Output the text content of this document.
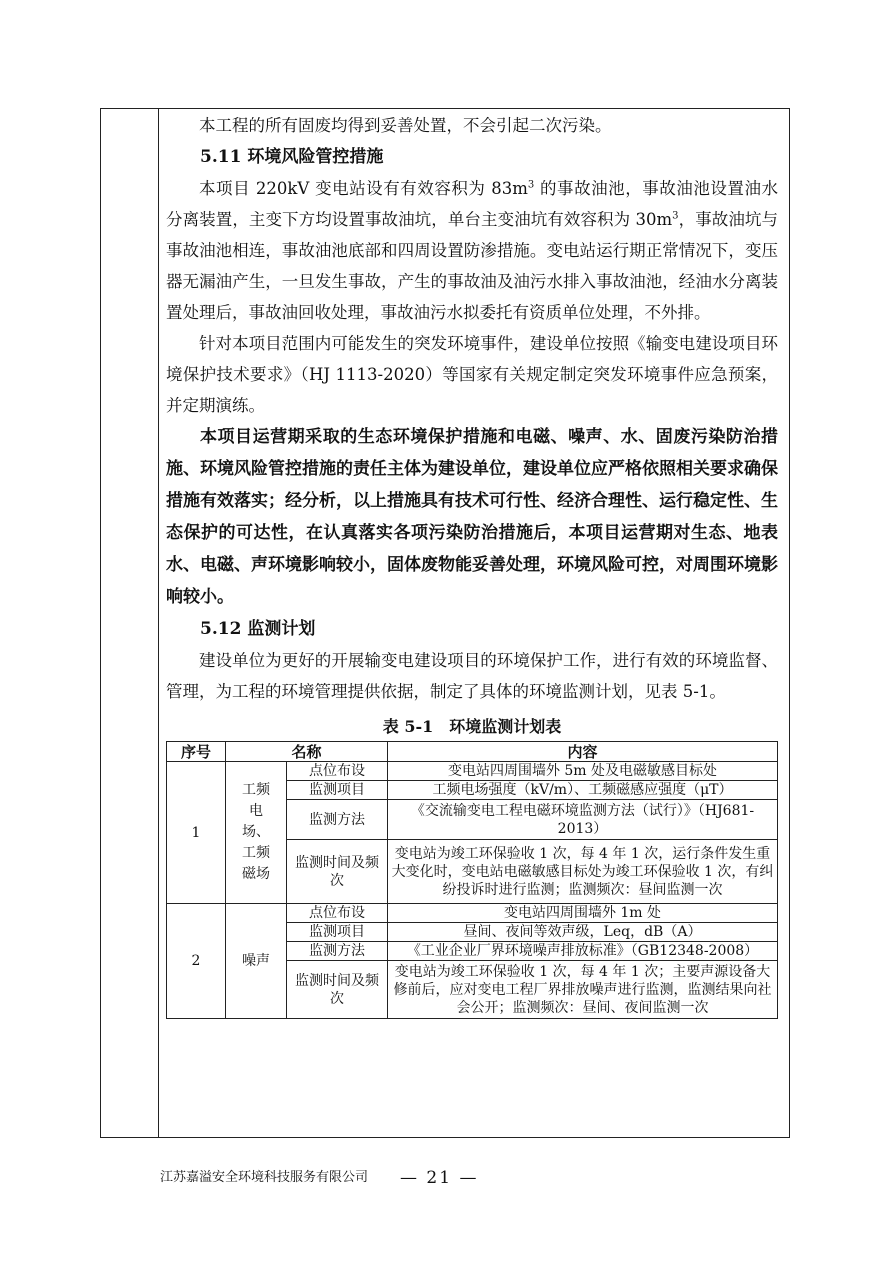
本工程的所有固废均得到妥善处置，不会引起二次污染。

5.11 环境风险管控措施

本项目 220kV 变电站设有有效容积为 $83m^3$ 的事故油池，事故油池设置油水分离装置，主变下方均设置事故油坑，单台主变油坑有效容积为 $30m^3$，事故油坑与事故油池相连，事故油池底部和四周设置防渗措施。变电站运行期正常情况下，变压器无漏油产生，一旦发生事故，产生的事故油及油污水排入事故油池，经油水分离装置处理后，事故油回收处理，事故油污水拟委托有资质单位处理，不外排。

针对本项目范围内可能发生的突发环境事件，建设单位按照《输变电建设项目环境保护技术要求》（HJ 1113-2020）等国家有关规定制定突发环境事件应急预案，并定期演练。

本项目运营期采取的生态环境保护措施和电磁、噪声、水、固废污染防治措施、环境风险管控措施的责任主体为建设单位，建设单位应严格依照相关要求确保措施有效落实；经分析，以上措施具有技术可行性、经济合理性、运行稳定性、生态保护的可达性，在认真落实各项污染防治措施后，本项目运营期对生态、地表水、电磁、声环境影响较小，固体废物能妥善处理，环境风险可控，对周围环境影响较小。

5.12 监测计划

建设单位为更好的开展输变电建设项目的环境保护工作，进行有效的环境监督、管理，为工程的环境管理提供依据，制定了具体的环境监测计划，见表 5-1。

表 5-1　环境监测计划表
序号	名称		内容
1	工频电场、工频磁场	点位布设	变电站四周围墙外 5m 处及电磁敏感目标处
		监测项目	工频电场强度（kV/m）、工频磁感应强度（μT）
		监测方法	《交流输变电工程电磁环境监测方法（试行）》（HJ681-2013）
		监测时间及频次	变电站为竣工环保验收 1 次，每 4 年 1 次，运行条件发生重大变化时，变电站电磁敏感目标处为竣工环保验收 1 次，有纠纷投诉时进行监测；监测频次：昼间监测一次
2	噪声	点位布设	变电站四周围墙外 1m 处
		监测项目	昼间、夜间等效声级，Leq，dB（A）
		监测方法	《工业企业厂界环境噪声排放标准》（GB12348-2008）
		监测时间及频次	变电站为竣工环保验收 1 次，每 4 年 1 次；主要声源设备大修前后，应对变电工程厂界排放噪声进行监测，监测结果向社会公开；监测频次：昼间、夜间监测一次
江苏嘉溢安全环境科技服务有限公司 — 21 —
